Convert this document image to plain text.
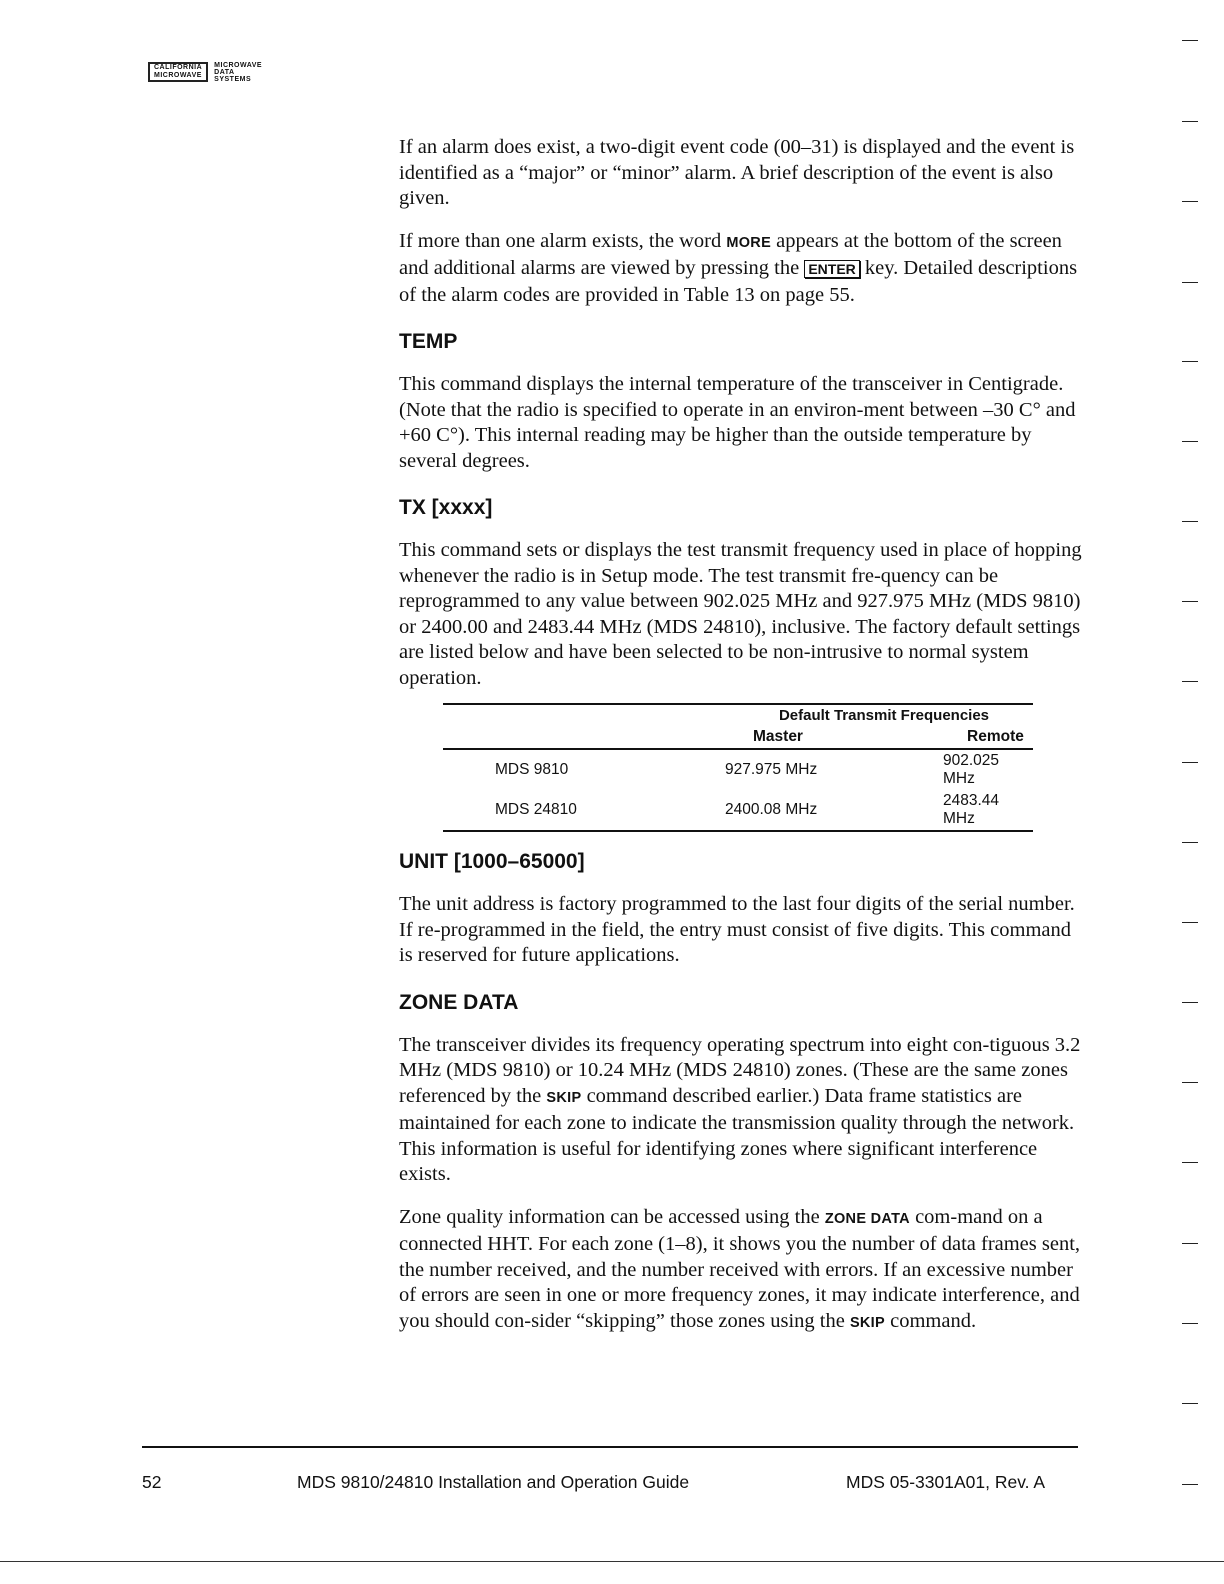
CALIFORNIA
MICROWAVE
MICROWAVE
DATA
SYSTEMS

If an alarm does exist, a two-digit event code (00–31) is displayed and the event is identified as a “major” or “minor” alarm. A brief description of the event is also given.

If more than one alarm exists, the word MORE appears at the bottom of the screen and additional alarms are viewed by pressing the ENTER key. Detailed descriptions of the alarm codes are provided in Table 13 on page 55.

TEMP

This command displays the internal temperature of the transceiver in Centigrade. (Note that the radio is specified to operate in an environ-ment between –30 C° and +60 C°). This internal reading may be higher than the outside temperature by several degrees.

TX [xxxx]

This command sets or displays the test transmit frequency used in place of hopping whenever the radio is in Setup mode. The test transmit fre-quency can be reprogrammed to any value between 902.025 MHz and 927.975 MHz (MDS 9810) or 2400.00 and 2483.44 MHz (MDS 24810), inclusive. The factory default settings are listed below and have been selected to be non-intrusive to normal system operation.

	Default Transmit Frequencies	
	Master	Remote
MDS 9810	927.975 MHz	902.025 MHz
MDS 24810	2400.08 MHz	2483.44 MHz
UNIT [1000–65000]

The unit address is factory programmed to the last four digits of the serial number. If re-programmed in the field, the entry must consist of five digits. This command is reserved for future applications.

ZONE DATA

The transceiver divides its frequency operating spectrum into eight con-tiguous 3.2 MHz (MDS 9810) or 10.24 MHz (MDS 24810) zones. (These are the same zones referenced by the SKIP command described earlier.) Data frame statistics are maintained for each zone to indicate the transmission quality through the network. This information is useful for identifying zones where significant interference exists.

Zone quality information can be accessed using the ZONE DATA com-mand on a connected HHT. For each zone (1–8), it shows you the number of data frames sent, the number received, and the number received with errors. If an excessive number of errors are seen in one or more frequency zones, it may indicate interference, and you should con-sider “skipping” those zones using the SKIP command.

52	MDS 9810/24810 Installation and Operation Guide	MDS 05-3301A01, Rev. A
